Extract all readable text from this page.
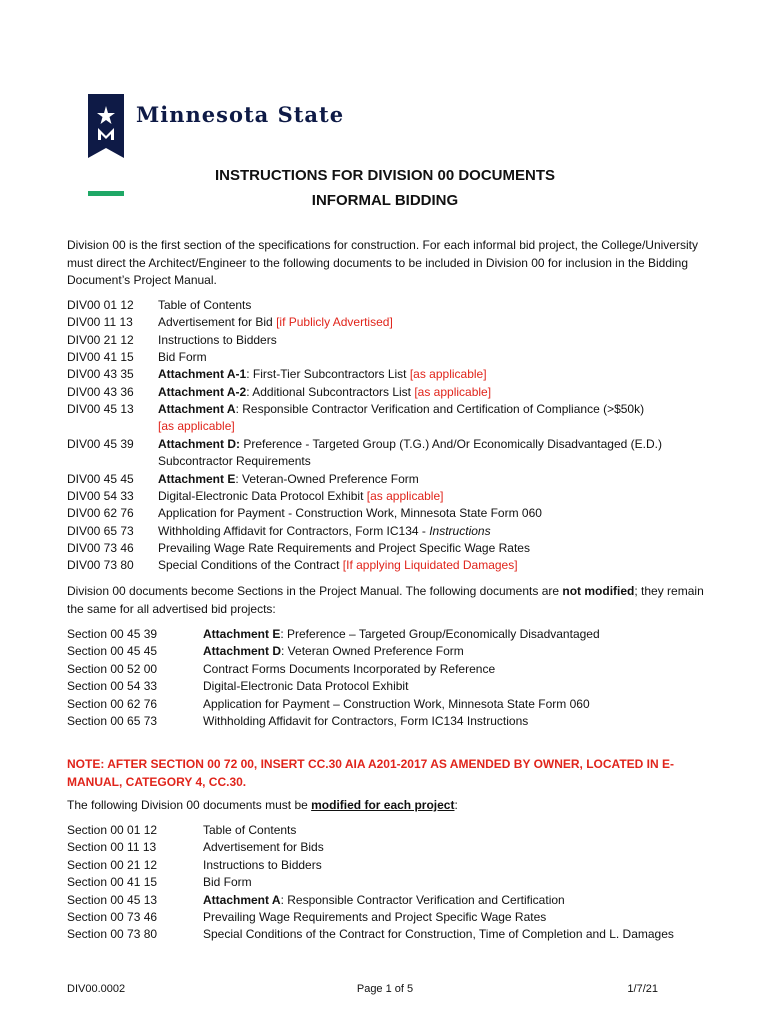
Minnesota State
INSTRUCTIONS FOR DIVISION 00 DOCUMENTS
INFORMAL BIDDING
Division 00 is the first section of the specifications for construction. For each informal bid project, the College/University must direct the Architect/Engineer to the following documents to be included in Division 00 for inclusion in the Bidding Document’s Project Manual.
DIV00 01 12 Table of Contents
DIV00 11 13 Advertisement for Bid [if Publicly Advertised]
DIV00 21 12 Instructions to Bidders
DIV00 41 15 Bid Form
DIV00 43 35 Attachment A-1: First-Tier Subcontractors List [as applicable]
DIV00 43 36 Attachment A-2: Additional Subcontractors List [as applicable]
DIV00 45 13 Attachment A: Responsible Contractor Verification and Certification of Compliance (>$50k)
[as applicable]
DIV00 45 39 Attachment D: Preference - Targeted Group (T.G.) And/Or Economically Disadvantaged (E.D.)
Subcontractor Requirements
DIV00 45 45 Attachment E: Veteran-Owned Preference Form
DIV00 54 33 Digital-Electronic Data Protocol Exhibit [as applicable]
DIV00 62 76 Application for Payment - Construction Work, Minnesota State Form 060
DIV00 65 73 Withholding Affidavit for Contractors, Form IC134 - Instructions
DIV00 73 46 Prevailing Wage Rate Requirements and Project Specific Wage Rates
DIV00 73 80 Special Conditions of the Contract [If applying Liquidated Damages]
Division 00 documents become Sections in the Project Manual. The following documents are not modified; they remain the same for all advertised bid projects:
Section 00 45 39	Attachment E: Preference – Targeted Group/Economically Disadvantaged
Section 00 45 45	Attachment D: Veteran Owned Preference Form
Section 00 52 00	Contract Forms Documents Incorporated by Reference
Section 00 54 33	Digital-Electronic Data Protocol Exhibit
Section 00 62 76	Application for Payment – Construction Work, Minnesota State Form 060
Section 00 65 73	Withholding Affidavit for Contractors, Form IC134 Instructions
NOTE: AFTER SECTION 00 72 00, INSERT CC.30 AIA A201-2017 AS AMENDED BY OWNER, LOCATED IN E-MANUAL, CATEGORY 4, CC.30.
The following Division 00 documents must be modified for each project:
Section 00 01 12	Table of Contents
Section 00 11 13	Advertisement for Bids
Section 00 21 12	Instructions to Bidders
Section 00 41 15	Bid Form
Section 00 45 13	Attachment A: Responsible Contractor Verification and Certification
Section 00 73 46	Prevailing Wage Requirements and Project Specific Wage Rates
Section 00 73 80	Special Conditions of the Contract for Construction, Time of Completion and L. Damages
DIV00.0002	Page 1 of 5	1/7/21
